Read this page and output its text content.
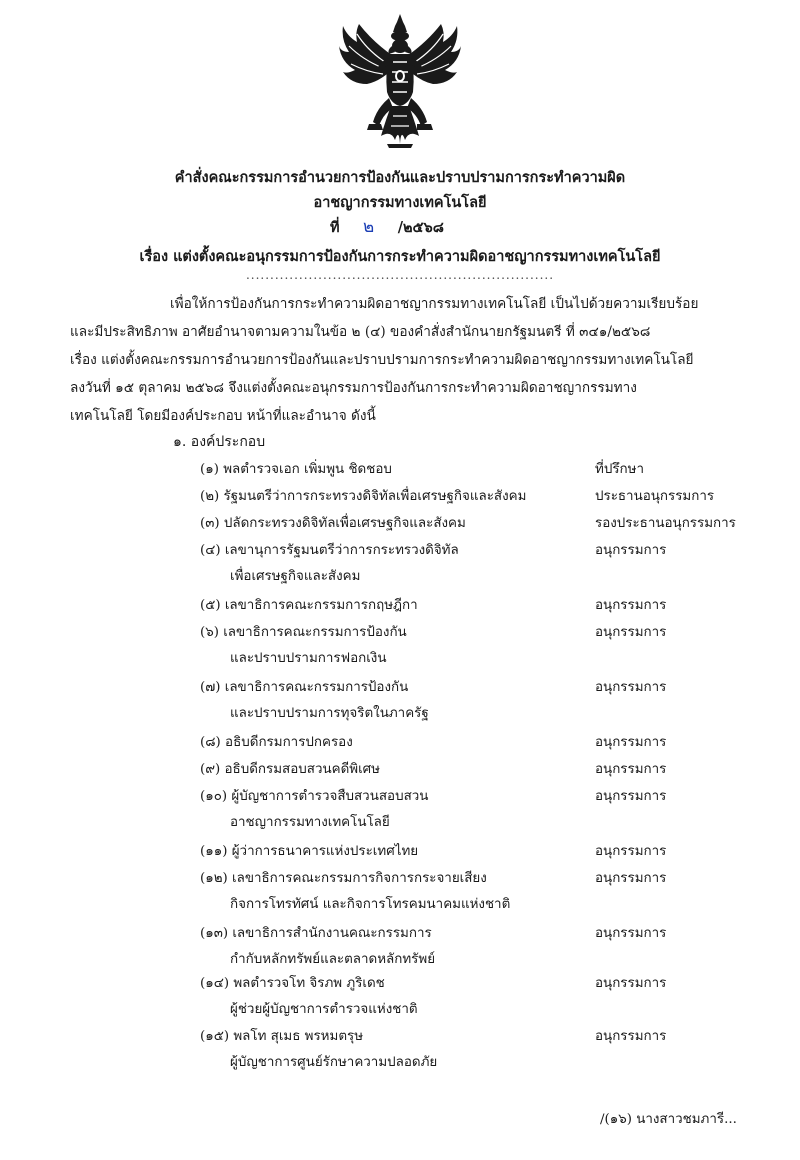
คำสั่งคณะกรรมการอำนวยการป้องกันและปราบปรามการกระทำความผิด
อาชญากรรมทางเทคโนโลยี
ที่ ๒ /๒๕๖๘
เรื่อง แต่งตั้งคณะอนุกรรมการป้องกันการกระทำความผิดอาชญากรรมทางเทคโนโลยี
................................................................
เพื่อให้การป้องกันการกระทำความผิดอาชญากรรมทางเทคโนโลยี เป็นไปด้วยความเรียบร้อย
และมีประสิทธิภาพ อาศัยอำนาจตามความในข้อ ๒ (๔) ของคำสั่งสำนักนายกรัฐมนตรี ที่ ๓๔๑/๒๕๖๘
เรื่อง แต่งตั้งคณะกรรมการอำนวยการป้องกันและปราบปรามการกระทำความผิดอาชญากรรมทางเทคโนโลยี
ลงวันที่ ๑๕ ตุลาคม ๒๕๖๘ จึงแต่งตั้งคณะอนุกรรมการป้องกันการกระทำความผิดอาชญากรรมทาง
เทคโนโลยี โดยมีองค์ประกอบ หน้าที่และอำนาจ ดังนี้
๑. องค์ประกอบ
(๑) พลตำรวจเอก เพิ่มพูน ชิดชอบ	ที่ปรึกษา
(๒) รัฐมนตรีว่าการกระทรวงดิจิทัลเพื่อเศรษฐกิจและสังคม	ประธานอนุกรรมการ
(๓) ปลัดกระทรวงดิจิทัลเพื่อเศรษฐกิจและสังคม	รองประธานอนุกรรมการ
(๔) เลขานุการรัฐมนตรีว่าการกระทรวงดิจิทัล
เพื่อเศรษฐกิจและสังคม
อนุกรรมการ
(๕) เลขาธิการคณะกรรมการกฤษฎีกา	อนุกรรมการ
(๖) เลขาธิการคณะกรรมการป้องกัน
และปราบปรามการฟอกเงิน
อนุกรรมการ
(๗) เลขาธิการคณะกรรมการป้องกัน
และปราบปรามการทุจริตในภาครัฐ
อนุกรรมการ
(๘) อธิบดีกรมการปกครอง	อนุกรรมการ
(๙) อธิบดีกรมสอบสวนคดีพิเศษ	อนุกรรมการ
(๑๐) ผู้บัญชาการตำรวจสืบสวนสอบสวน
อาชญากรรมทางเทคโนโลยี
อนุกรรมการ
(๑๑) ผู้ว่าการธนาคารแห่งประเทศไทย	อนุกรรมการ
(๑๒) เลขาธิการคณะกรรมการกิจการกระจายเสียง
กิจการโทรทัศน์ และกิจการโทรคมนาคมแห่งชาติ
อนุกรรมการ
(๑๓) เลขาธิการสำนักงานคณะกรรมการ
กำกับหลักทรัพย์และตลาดหลักทรัพย์
อนุกรรมการ
(๑๔) พลตำรวจโท จิรภพ ภูริเดช
ผู้ช่วยผู้บัญชาการตำรวจแห่งชาติ
อนุกรรมการ
(๑๕) พลโท สุเมธ พรหมตรุษ
ผู้บัญชาการศูนย์รักษาความปลอดภัย
อนุกรรมการ
/(๑๖) นางสาวชมภารี...
